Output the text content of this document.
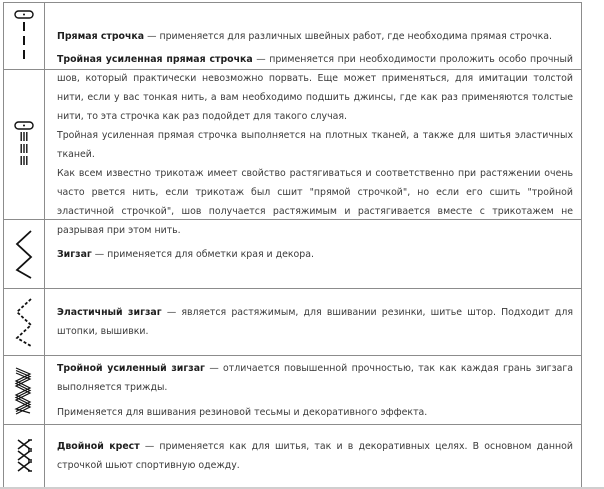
Прямая строчка — применяется для различных швейных работ, где необходима прямая строчка.

Тройная усиленная прямая строчка — применяется при необходимости проложить особо прочный шов, который практически невозможно порвать. Еще может применяться, для имитации толстой нити, если у вас тонкая нить, а вам необходимо подшить джинсы, где как раз применяются толстые нити, то эта строчка как раз подойдет для такого случая.

Тройная усиленная прямая строчка выполняется на плотных тканей, а также для шитья эластичных тканей.

Как всем известно трикотаж имеет свойство растягиваться и соответственно при растяжении очень часто рвется нить, если трикотаж был сшит "прямой строчкой", но если его сшить "тройной эластичной строчкой", шов получается растяжимым и растягивается вместе с трикотажем не разрывая при этом нить.

Зигзаг — применяется для обметки края и декора.

Эластичный зигзаг — является растяжимым, для вшивании резинки, шитье штор. Подходит для штопки, вышивки.

Тройной усиленный зигзаг — отличается повышенной прочностью, так как каждая грань зигзага выполняется трижды.

Применяется для вшивания резиновой тесьмы и декоративного эффекта.

Двойной крест — применяется как для шитья, так и в декоративных целях. В основном данной строчкой шьют спортивную одежду.
